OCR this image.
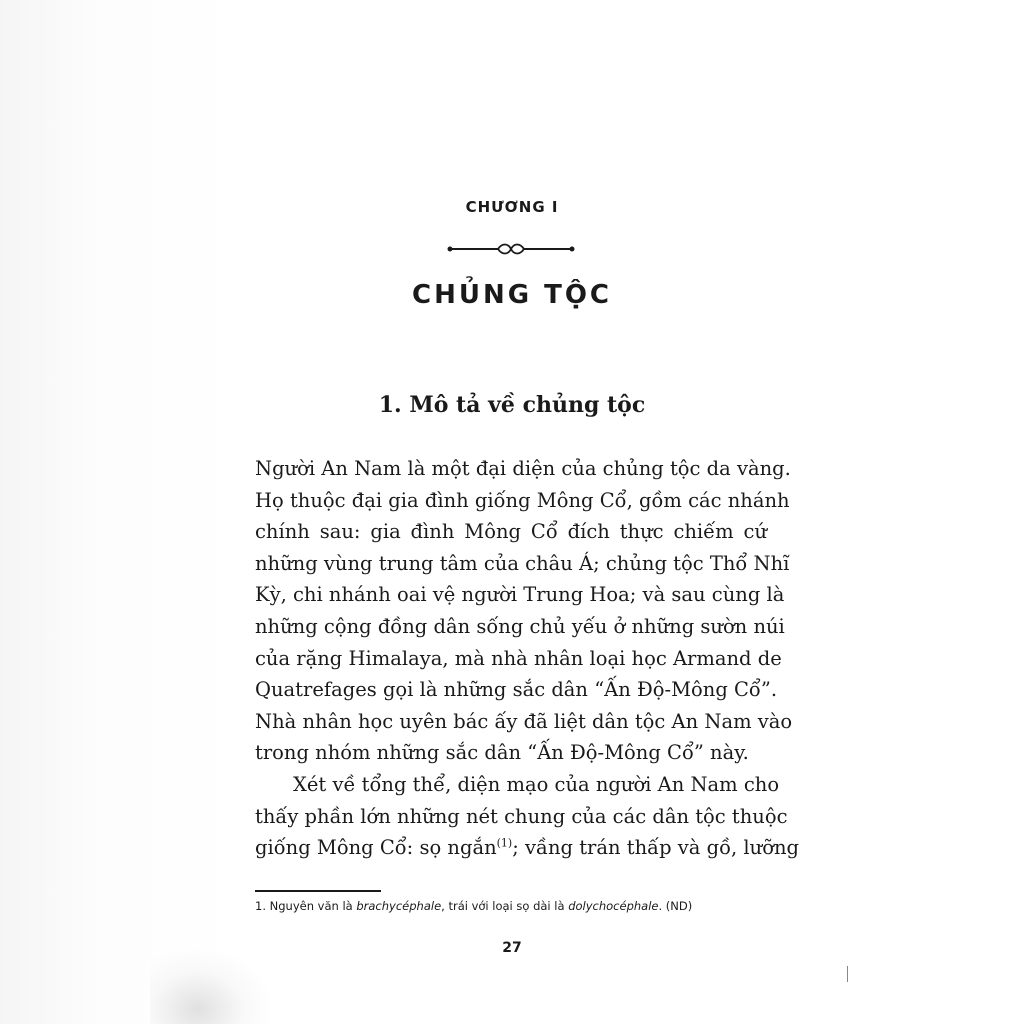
CHƯƠNG I
CHỦNG TỘC
1. Mô tả về chủng tộc
Người An Nam là một đại diện của chủng tộc da vàng.
Họ thuộc đại gia đình giống Mông Cổ, gồm các nhánh
chính sau: gia đình Mông Cổ đích thực chiếm cứ
những vùng trung tâm của châu Á; chủng tộc Thổ Nhĩ
Kỳ, chi nhánh oai vệ người Trung Hoa; và sau cùng là
những cộng đồng dân sống chủ yếu ở những sườn núi
của rặng Himalaya, mà nhà nhân loại học Armand de
Quatrefages gọi là những sắc dân “Ấn Độ-Mông Cổ”.
Nhà nhân học uyên bác ấy đã liệt dân tộc An Nam vào
trong nhóm những sắc dân “Ấn Độ-Mông Cổ” này.
Xét về tổng thể, diện mạo của người An Nam cho
thấy phần lớn những nét chung của các dân tộc thuộc
giống Mông Cổ: sọ ngắn$^{(1)}$; vầng trán thấp và gồ, lưỡng
1. Nguyên văn là brachycéphale, trái với loại sọ dài là dolychocéphale. (ND)
27
